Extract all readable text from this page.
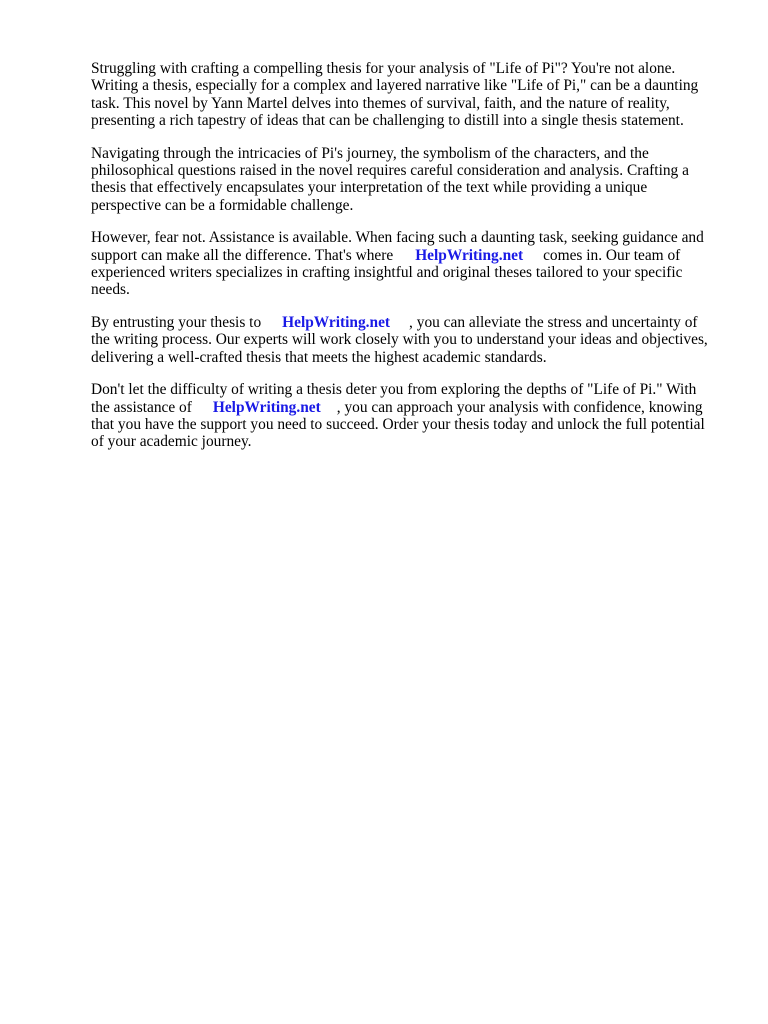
Struggling with crafting a compelling thesis for your analysis of "Life of Pi"? You're not alone.
Writing a thesis, especially for a complex and layered narrative like "Life of Pi," can be a daunting
task. This novel by Yann Martel delves into themes of survival, faith, and the nature of reality,
presenting a rich tapestry of ideas that can be challenging to distill into a single thesis statement.

Navigating through the intricacies of Pi's journey, the symbolism of the characters, and the
philosophical questions raised in the novel requires careful consideration and analysis. Crafting a
thesis that effectively encapsulates your interpretation of the text while providing a unique
perspective can be a formidable challenge.

However, fear not. Assistance is available. When facing such a daunting task, seeking guidance and
support can make all the difference. That's where HelpWriting.net comes in. Our team of
experienced writers specializes in crafting insightful and original theses tailored to your specific
needs.

By entrusting your thesis to HelpWriting.net , you can alleviate the stress and uncertainty of
the writing process. Our experts will work closely with you to understand your ideas and objectives,
delivering a well-crafted thesis that meets the highest academic standards.

Don't let the difficulty of writing a thesis deter you from exploring the depths of "Life of Pi." With
the assistance of HelpWriting.net , you can approach your analysis with confidence, knowing
that you have the support you need to succeed. Order your thesis today and unlock the full potential
of your academic journey.
